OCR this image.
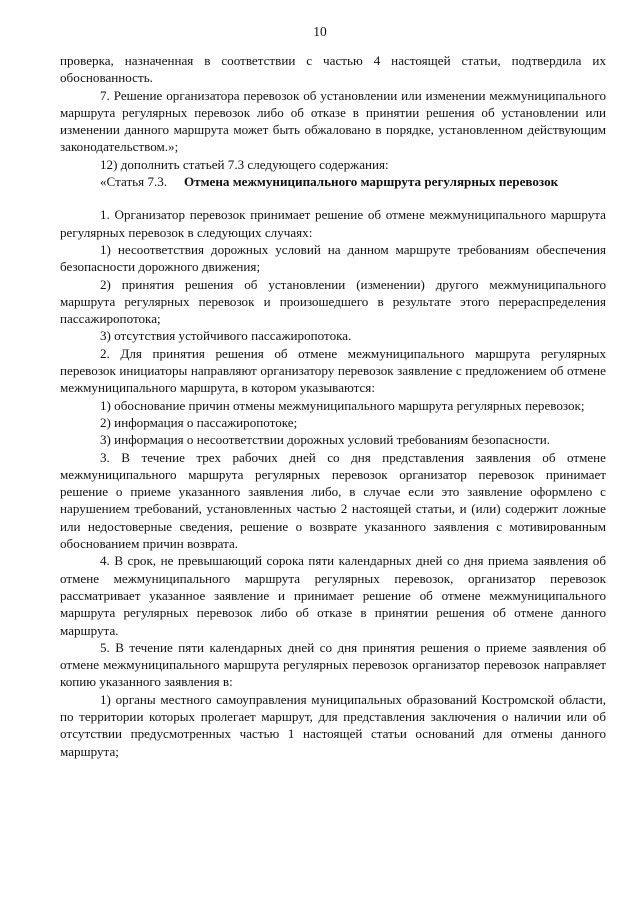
10

проверка, назначенная в соответствии с частью 4 настоящей статьи, подтвердила их обоснованность.

7. Решение организатора перевозок об установлении или изменении межмуниципального маршрута регулярных перевозок либо об отказе в принятии решения об установлении или изменении данного маршрута может быть обжаловано в порядке, установленном действующим законодательством.»;

12) дополнить статьей 7.3 следующего содержания:

«Статья 7.3.	Отмена межмуниципального маршрута регулярных перевозок

1. Организатор перевозок принимает решение об отмене межмуниципального маршрута регулярных перевозок в следующих случаях:

1) несоответствия дорожных условий на данном маршруте требованиям обеспечения безопасности дорожного движения;

2) принятия решения об установлении (изменении) другого межмуниципального маршрута регулярных перевозок и произошедшего в результате этого перераспределения пассажиропотока;

3) отсутствия устойчивого пассажиропотока.

2. Для принятия решения об отмене межмуниципального маршрута регулярных перевозок инициаторы направляют организатору перевозок заявление с предложением об отмене межмуниципального маршрута, в котором указываются:

1) обоснование причин отмены межмуниципального маршрута регулярных перевозок;

2) информация о пассажиропотоке;

3) информация о несоответствии дорожных условий требованиям безопасности.

3. В течение трех рабочих дней со дня представления заявления об отмене межмуниципального маршрута регулярных перевозок организатор перевозок принимает решение о приеме указанного заявления либо, в случае если это заявление оформлено с нарушением требований, установленных частью 2 настоящей статьи, и (или) содержит ложные или недостоверные сведения, решение о возврате указанного заявления с мотивированным обоснованием причин возврата.

4. В срок, не превышающий сорока пяти календарных дней со дня приема заявления об отмене межмуниципального маршрута регулярных перевозок, организатор перевозок рассматривает указанное заявление и принимает решение об отмене межмуниципального маршрута регулярных перевозок либо об отказе в принятии решения об отмене данного маршрута.

5. В течение пяти календарных дней со дня принятия решения о приеме заявления об отмене межмуниципального маршрута регулярных перевозок организатор перевозок направляет копию указанного заявления в:

1) органы местного самоуправления муниципальных образований Костромской области, по территории которых пролегает маршрут, для представления заключения о наличии или об отсутствии предусмотренных частью 1 настоящей статьи оснований для отмены данного маршрута;
